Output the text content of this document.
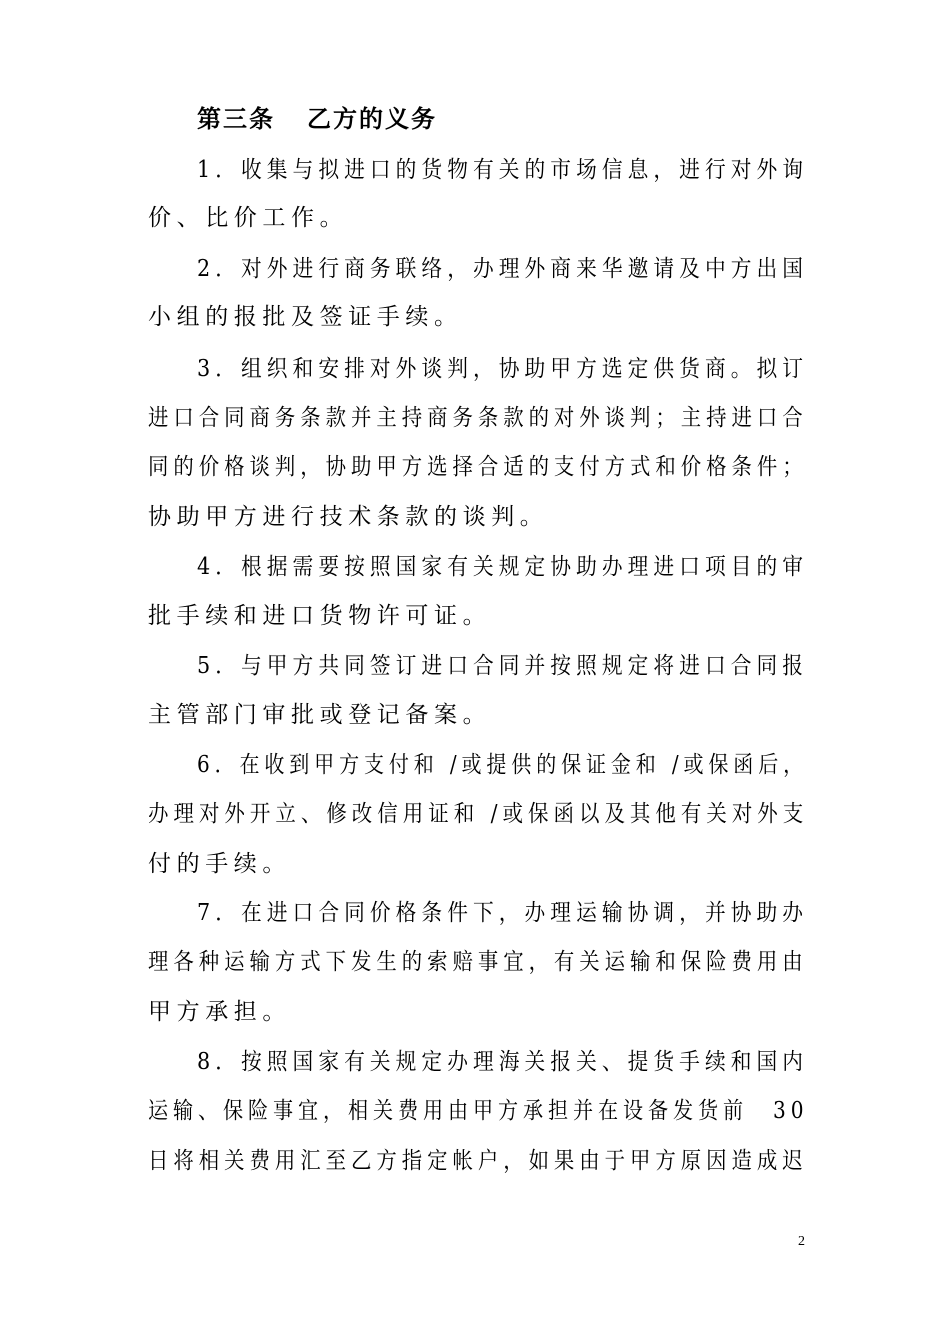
第三条 乙方的义务
1．收集与拟进口的货物有关的市场信息，进行对外询
价、比价工作。
2．对外进行商务联络，办理外商来华邀请及中方出国
小组的报批及签证手续。
3．组织和安排对外谈判，协助甲方选定供货商。拟订
进口合同商务条款并主持商务条款的对外谈判；主持进口合
同的价格谈判，协助甲方选择合适的支付方式和价格条件；
协助甲方进行技术条款的谈判。
4．根据需要按照国家有关规定协助办理进口项目的审
批手续和进口货物许可证。
5．与甲方共同签订进口合同并按照规定将进口合同报
主管部门审批或登记备案。
6．在收到甲方支付和 /或提供的保证金和 /或保函后，
办理对外开立、修改信用证和 /或保函以及其他有关对外支
付的手续。
7．在进口合同价格条件下，办理运输协调，并协助办
理各种运输方式下发生的索赔事宜，有关运输和保险费用由
甲方承担。
8．按照国家有关规定办理海关报关、提货手续和国内
运输、保险事宜，相关费用由甲方承担并在设备发货前　30
日将相关费用汇至乙方指定帐户，如果由于甲方原因造成迟
2
